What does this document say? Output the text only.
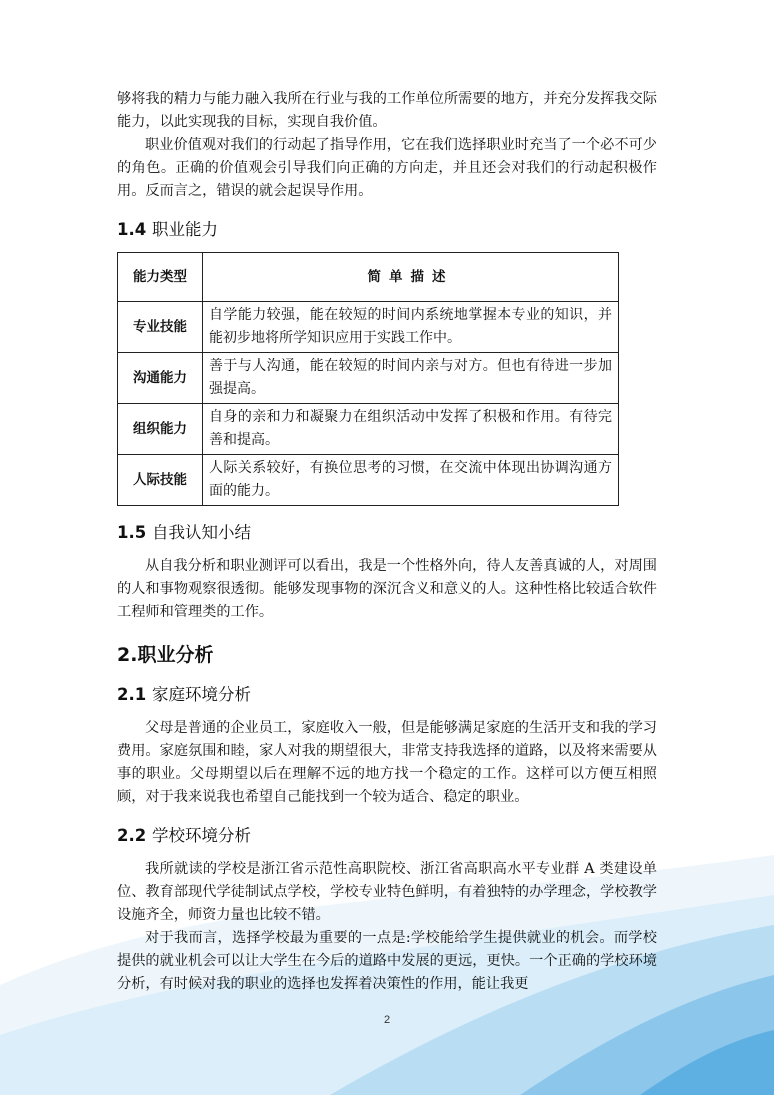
够将我的精力与能力融入我所在行业与我的工作单位所需要的地方，并充分发挥我交际能力，以此实现我的目标，实现自我价值。

职业价值观对我们的行动起了指导作用，它在我们选择职业时充当了一个必不可少的角色。正确的价值观会引导我们向正确的方向走，并且还会对我们的行动起积极作用。反而言之，错误的就会起误导作用。

1.4 职业能力
能力类型	简单描述
专业技能	自学能力较强，能在较短的时间内系统地掌握本专业的知识，并能初步地将所学知识应用于实践工作中。
沟通能力	善于与人沟通，能在较短的时间内亲与对方。但也有待进一步加强提高。
组织能力	自身的亲和力和凝聚力在组织活动中发挥了积极和作用。有待完善和提高。
人际技能	人际关系较好，有换位思考的习惯，在交流中体现出协调沟通方面的能力。
1.5 自我认知小结

从自我分析和职业测评可以看出，我是一个性格外向，待人友善真诚的人，对周围的人和事物观察很透彻。能够发现事物的深沉含义和意义的人。这种性格比较适合软件工程师和管理类的工作。

2.职业分析
2.1 家庭环境分析

父母是普通的企业员工，家庭收入一般，但是能够满足家庭的生活开支和我的学习费用。家庭氛围和睦，家人对我的期望很大，非常支持我选择的道路，以及将来需要从事的职业。父母期望以后在理解不远的地方找一个稳定的工作。这样可以方便互相照顾，对于我来说我也希望自己能找到一个较为适合、稳定的职业。

2.2 学校环境分析

我所就读的学校是浙江省示范性高职院校、浙江省高职高水平专业群 A 类建设单位、教育部现代学徒制试点学校，学校专业特色鲜明，有着独特的办学理念，学校教学设施齐全，师资力量也比较不错。

对于我而言，选择学校最为重要的一点是:学校能给学生提供就业的机会。而学校提供的就业机会可以让大学生在今后的道路中发展的更远，更快。一个正确的学校环境分析，有时候对我的职业的选择也发挥着决策性的作用，能让我更

2
